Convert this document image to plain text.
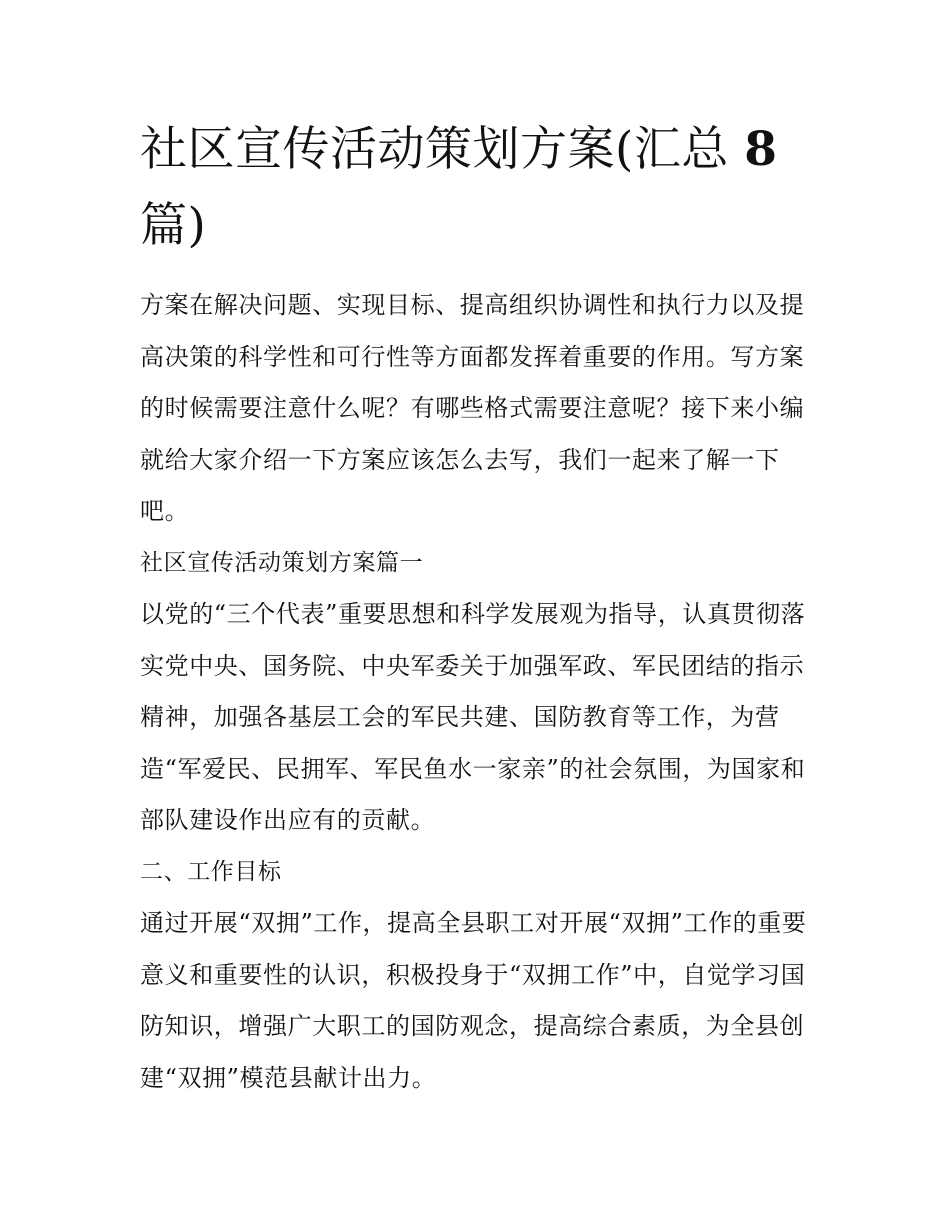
社区宣传活动策划方案(汇总 8
篇)

方案在解决问题、实现目标、提高组织协调性和执行力以及提
高决策的科学性和可行性等方面都发挥着重要的作用。写方案
的时候需要注意什么呢？有哪些格式需要注意呢？接下来小编
就给大家介绍一下方案应该怎么去写，我们一起来了解一下
吧。

社区宣传活动策划方案篇一

以党的“三个代表”重要思想和科学发展观为指导，认真贯彻落
实党中央、国务院、中央军委关于加强军政、军民团结的指示
精神，加强各基层工会的军民共建、国防教育等工作，为营
造“军爱民、民拥军、军民鱼水一家亲”的社会氛围，为国家和
部队建设作出应有的贡献。

二、工作目标

通过开展“双拥”工作，提高全县职工对开展“双拥”工作的重要
意义和重要性的认识，积极投身于“双拥工作”中，自觉学习国
防知识，增强广大职工的国防观念，提高综合素质，为全县创
建“双拥”模范县献计出力。
